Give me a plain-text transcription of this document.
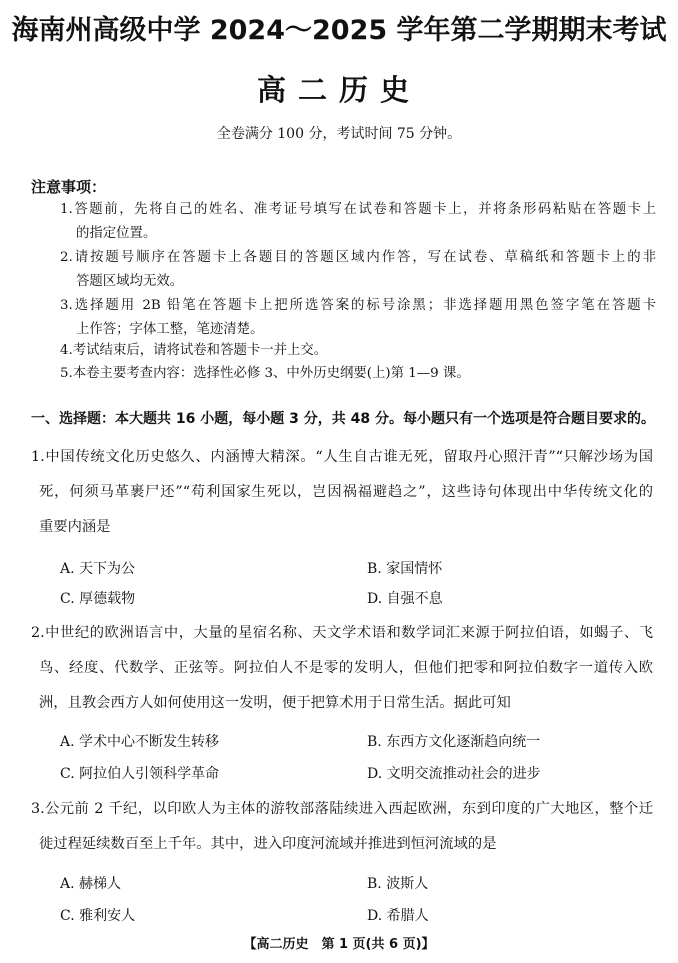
海南州高级中学 2024～2025 学年第二学期期末考试
高二历史
全卷满分 100 分，考试时间 75 分钟。
注意事项：
1.答题前，先将自己的姓名、准考证号填写在试卷和答题卡上，并将条形码粘贴在答题卡上
的指定位置。
2.请按题号顺序在答题卡上各题目的答题区域内作答，写在试卷、草稿纸和答题卡上的非
答题区域均无效。
3.选择题用 2B 铅笔在答题卡上把所选答案的标号涂黑；非选择题用黑色签字笔在答题卡
上作答；字体工整，笔迹清楚。
4.考试结束后，请将试卷和答题卡一并上交。
5.本卷主要考查内容：选择性必修 3、中外历史纲要(上)第 1—9 课。
一、选择题：本大题共 16 小题，每小题 3 分，共 48 分。每小题只有一个选项是符合题目要求的。
1.中国传统文化历史悠久、内涵博大精深。“人生自古谁无死，留取丹心照汗青”“只解沙场为国
死，何须马革裹尸还”“苟利国家生死以，岂因祸福避趋之”，这些诗句体现出中华传统文化的
重要内涵是
A. 天下为公	B. 家国情怀
C. 厚德载物	D. 自强不息
2.中世纪的欧洲语言中，大量的星宿名称、天文学术语和数学词汇来源于阿拉伯语，如蝎子、飞
鸟、经度、代数学、正弦等。阿拉伯人不是零的发明人，但他们把零和阿拉伯数字一道传入欧
洲，且教会西方人如何使用这一发明，便于把算术用于日常生活。据此可知
A. 学术中心不断发生转移	B. 东西方文化逐渐趋向统一
C. 阿拉伯人引领科学革命	D. 文明交流推动社会的进步
3.公元前 2 千纪，以印欧人为主体的游牧部落陆续进入西起欧洲，东到印度的广大地区，整个迁
徙过程延续数百至上千年。其中，进入印度河流域并推进到恒河流域的是
A. 赫梯人	B. 波斯人
C. 雅利安人	D. 希腊人
【高二历史　第 1 页(共 6 页)】
